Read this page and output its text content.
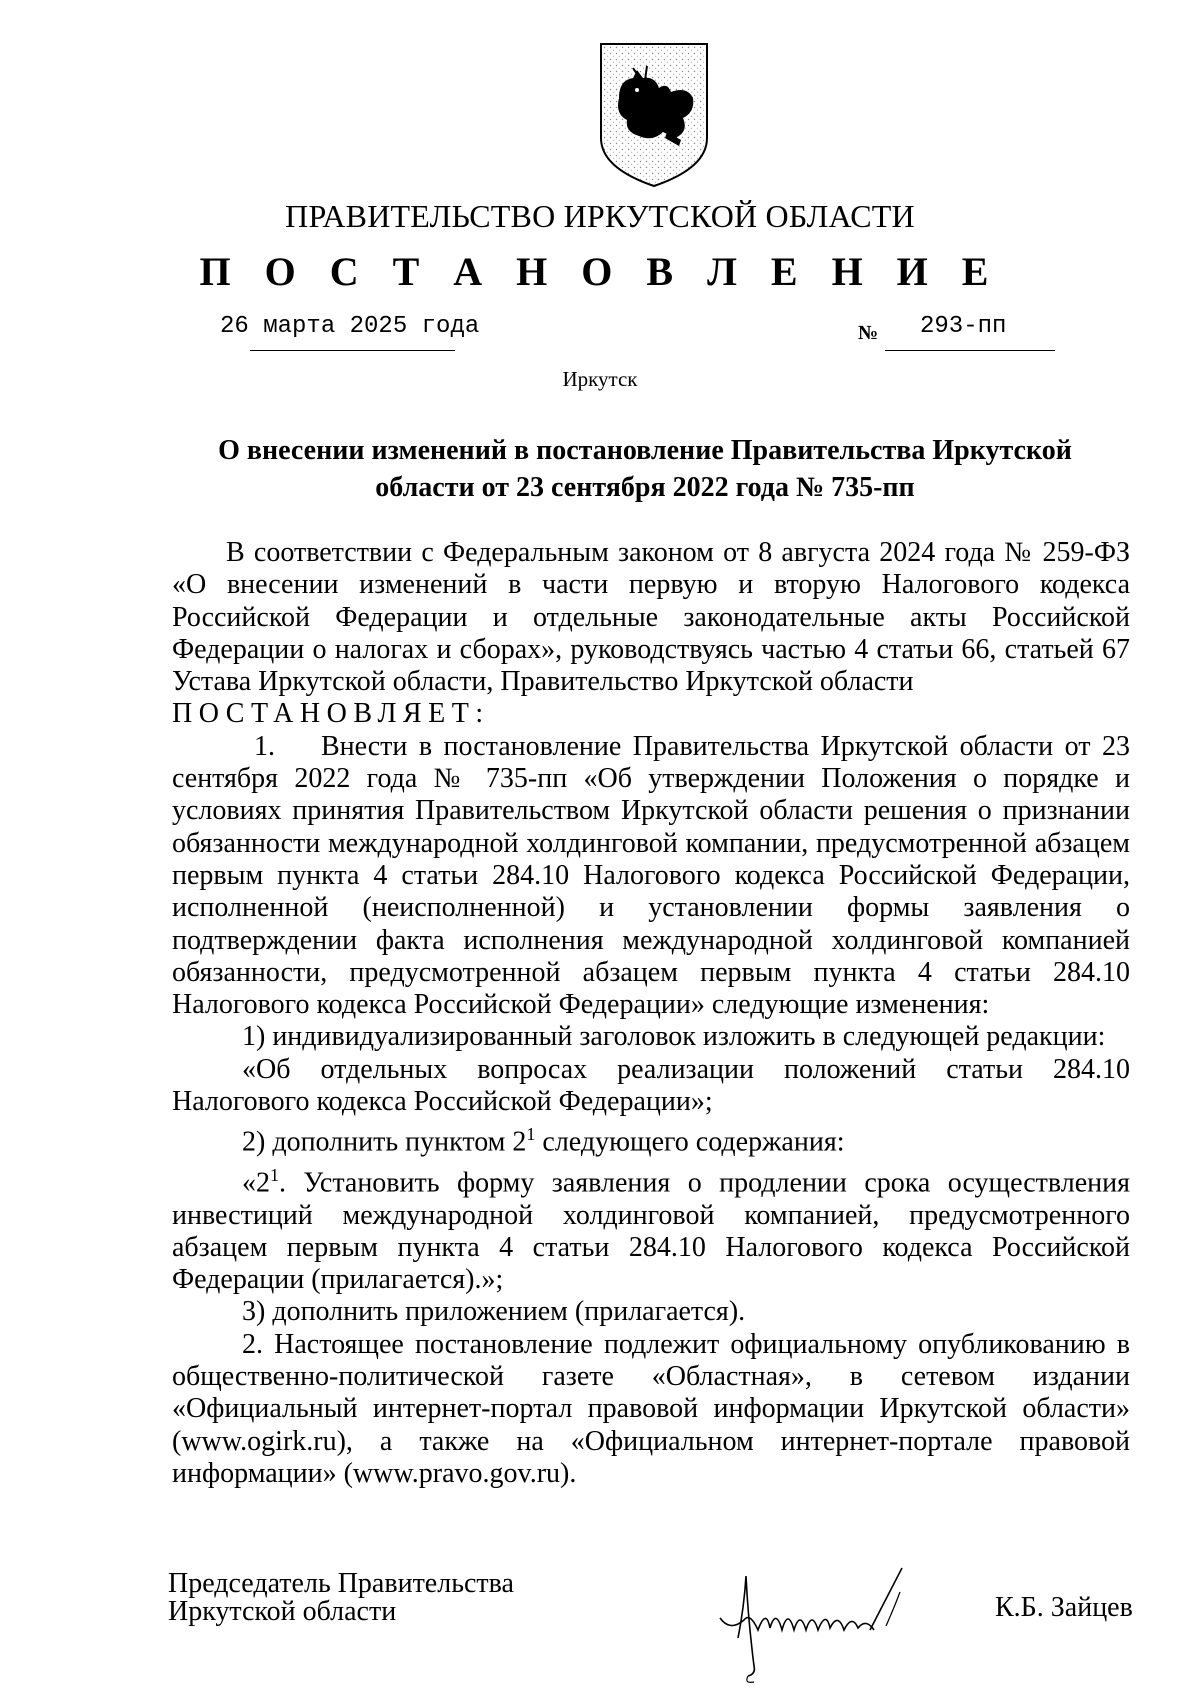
ПРАВИТЕЛЬСТВО ИРКУТСКОЙ ОБЛАСТИ
П О С Т А Н О В Л Е Н И Е
26 марта 2025 года	№ 293-пп
Иркутск
О внесении изменений в постановление Правительства Иркутской
области от 23 сентября 2022 года № 735-пп

В соответствии с Федеральным законом от 8 августа 2024 года № 259-ФЗ «О внесении изменений в части первую и вторую Налогового кодекса Российской Федерации и отдельные законодательные акты Российской Федерации о налогах и сборах», руководствуясь частью 4 статьи 66, статьей 67 Устава Иркутской области, Правительство Иркутской области

ПОСТАНОВЛЯЕТ:

1.    Внести в постановление Правительства Иркутской области от 23 сентября 2022 года № 735-пп «Об утверждении Положения о порядке и условиях принятия Правительством Иркутской области решения о признании обязанности международной холдинговой компании, предусмотренной абзацем первым пункта 4 статьи 284.10 Налогового кодекса Российской Федерации, исполненной (неисполненной) и установлении формы заявления о подтверждении факта исполнения международной холдинговой компанией обязанности, предусмотренной абзацем первым пункта 4 статьи 284.10 Налогового кодекса Российской Федерации» следующие изменения:

1) индивидуализированный заголовок изложить в следующей редакции:

«Об отдельных вопросах реализации положений статьи 284.10 Налогового кодекса Российской Федерации»;

2) дополнить пунктом $2^1$ следующего содержания:

«$2^1$. Установить форму заявления о продлении срока осуществления инвестиций международной холдинговой компанией, предусмотренного абзацем первым пункта 4 статьи 284.10 Налогового кодекса Российской Федерации (прилагается).»;

3) дополнить приложением (прилагается).

2. Настоящее постановление подлежит официальному опубликованию в общественно-политической газете «Областная», в сетевом издании «Официальный интернет-портал правовой информации Иркутской области» (www.ogirk.ru), а также на «Официальном интернет-портале правовой информации» (www.pravo.gov.ru).

Председатель Правительства
Иркутской области	К.Б. Зайцев
